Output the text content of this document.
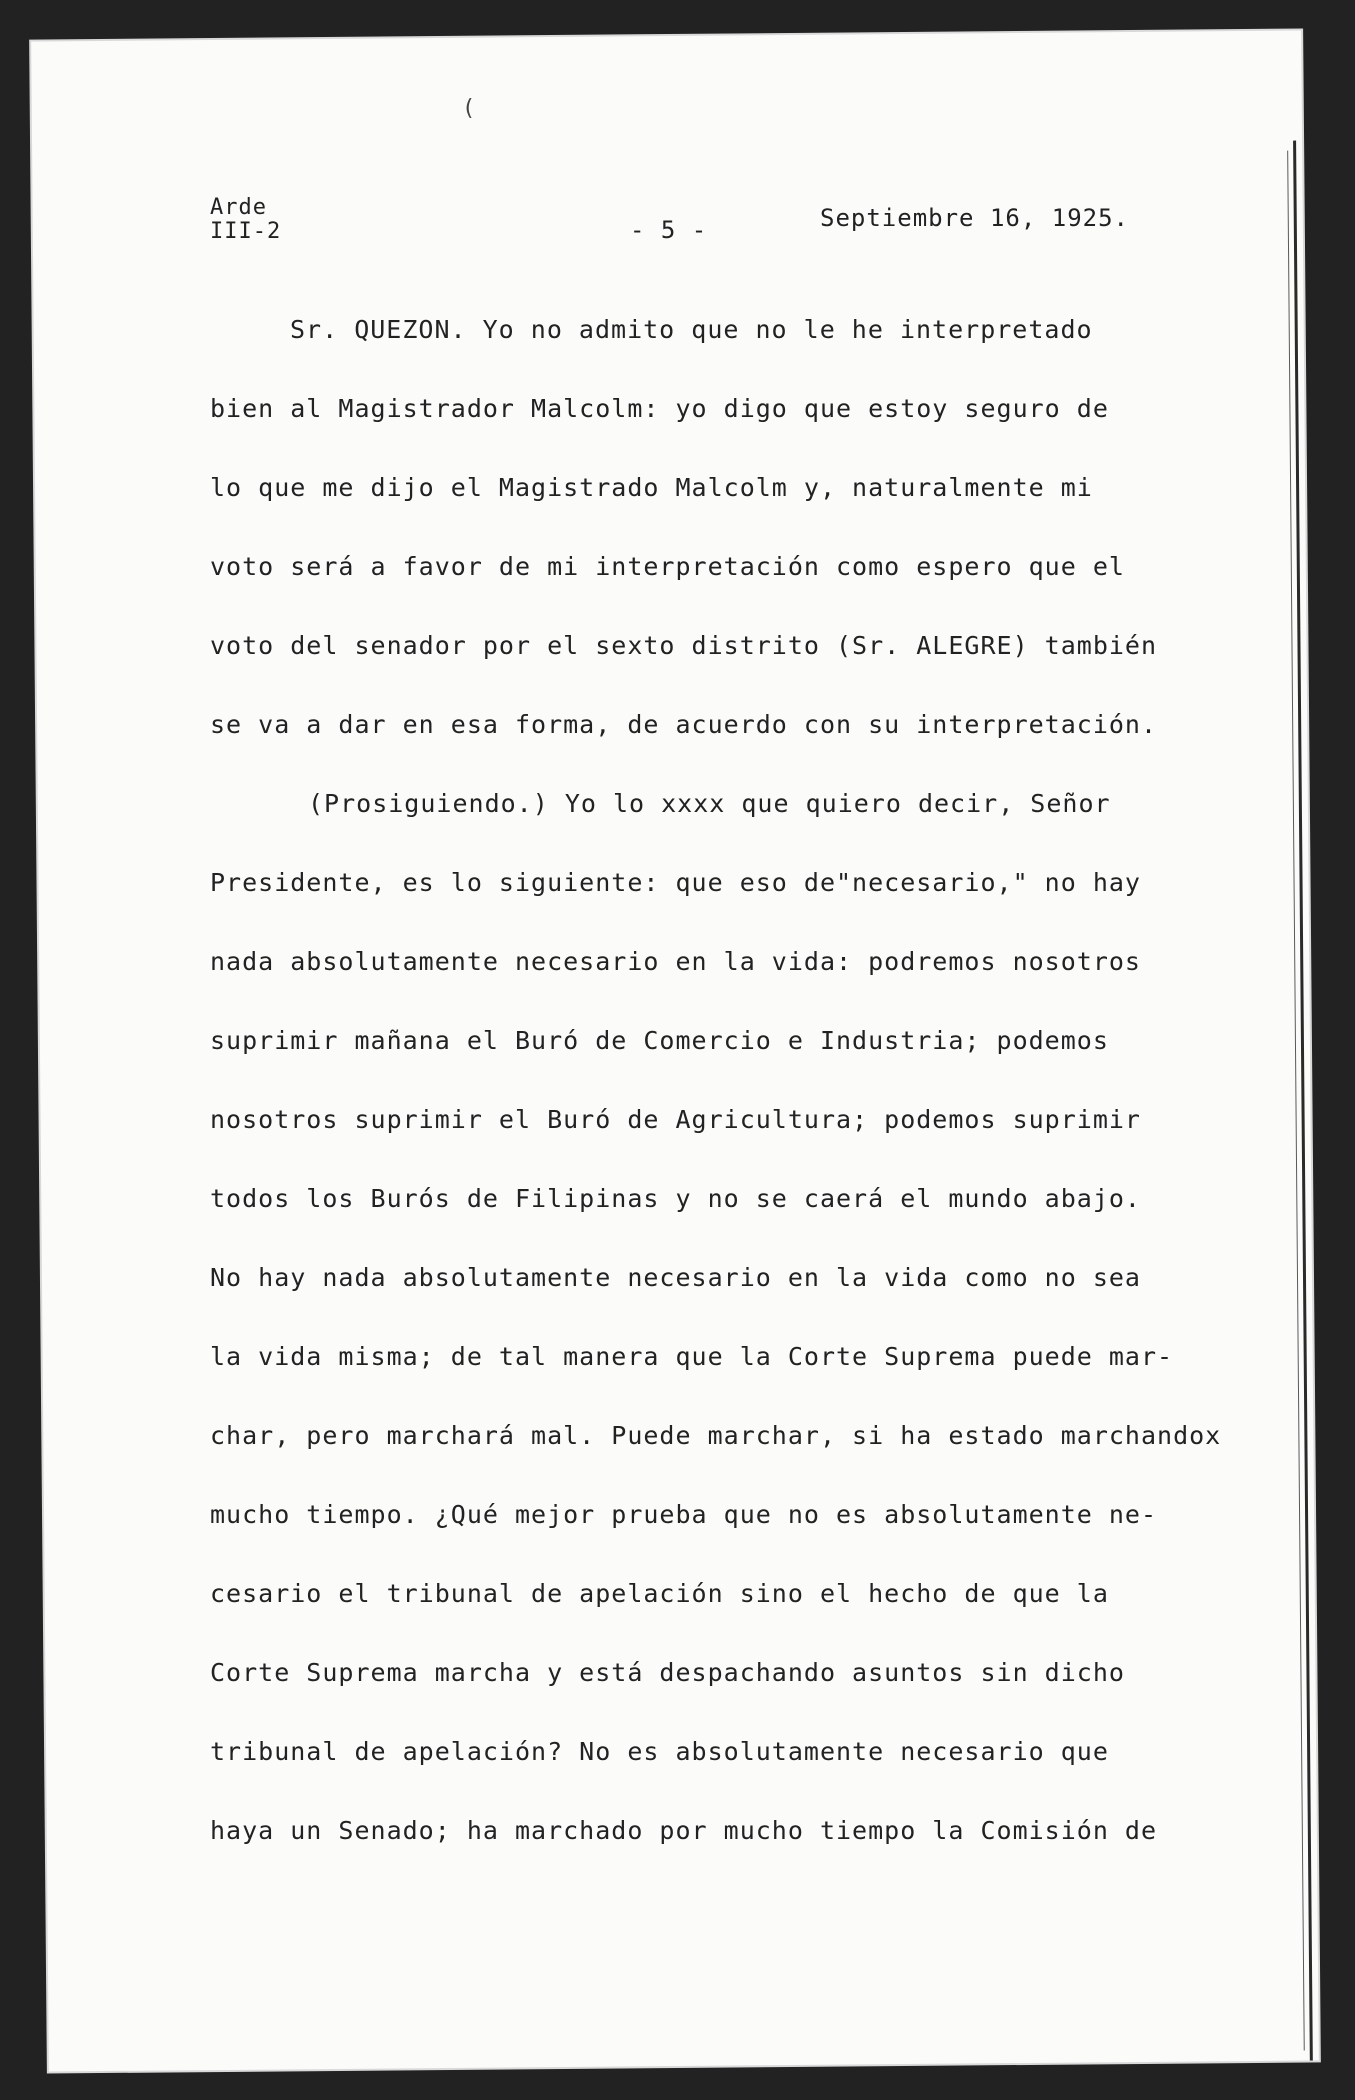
(
Arde
III-2	- 5 -	Septiembre 16, 1925.
Sr. QUEZON. Yo no admito que no le he interpretado
bien al Magistrador Malcolm: yo digo que estoy seguro de
lo que me dijo el Magistrado Malcolm y, naturalmente mi
voto será a favor de mi interpretación como espero que el
voto del senador por el sexto distrito (Sr. ALEGRE) también
se va a dar en esa forma, de acuerdo con su interpretación.
(Prosiguiendo.) Yo lo xxxx que quiero decir, Señor
Presidente, es lo siguiente: que eso de"necesario," no hay
nada absolutamente necesario en la vida: podremos nosotros
suprimir mañana el Buró de Comercio e Industria; podemos
nosotros suprimir el Buró de Agricultura; podemos suprimir
todos los Burós de Filipinas y no se caerá el mundo abajo.
No hay nada absolutamente necesario en la vida como no sea
la vida misma; de tal manera que la Corte Suprema puede mar-
char, pero marchará mal. Puede marchar, si ha estado marchandox
mucho tiempo. ¿Qué mejor prueba que no es absolutamente ne-
cesario el tribunal de apelación sino el hecho de que la
Corte Suprema marcha y está despachando asuntos sin dicho
tribunal de apelación? No es absolutamente necesario que
haya un Senado; ha marchado por mucho tiempo la Comisión de
